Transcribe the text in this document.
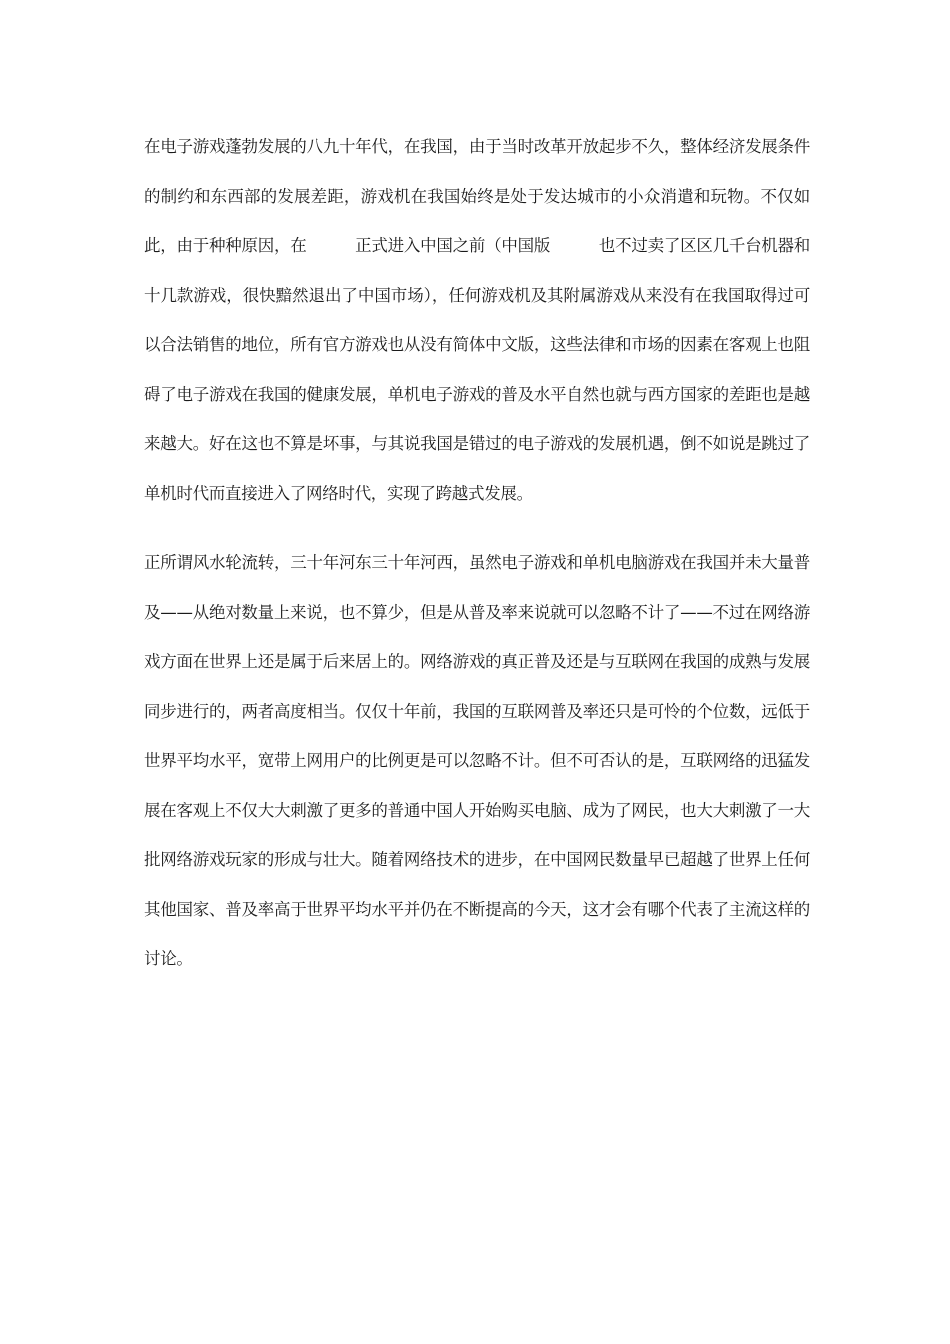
在电子游戏蓬勃发展的八九十年代，在我国，由于当时改革开放起步不久，整体经济发展条件的制约和东西部的发展差距，游戏机在我国始终是处于发达城市的小众消遣和玩物。不仅如此，由于种种原因，在　　　正式进入中国之前（中国版　　　也不过卖了区区几千台机器和十几款游戏，很快黯然退出了中国市场），任何游戏机及其附属游戏从来没有在我国取得过可以合法销售的地位，所有官方游戏也从没有简体中文版，这些法律和市场的因素在客观上也阻碍了电子游戏在我国的健康发展，单机电子游戏的普及水平自然也就与西方国家的差距也是越来越大。好在这也不算是坏事，与其说我国是错过的电子游戏的发展机遇，倒不如说是跳过了单机时代而直接进入了网络时代，实现了跨越式发展。

正所谓风水轮流转，三十年河东三十年河西，虽然电子游戏和单机电脑游戏在我国并未大量普及——从绝对数量上来说，也不算少，但是从普及率来说就可以忽略不计了——不过在网络游戏方面在世界上还是属于后来居上的。网络游戏的真正普及还是与互联网在我国的成熟与发展同步进行的，两者高度相当。仅仅十年前，我国的互联网普及率还只是可怜的个位数，远低于世界平均水平，宽带上网用户的比例更是可以忽略不计。但不可否认的是，互联网络的迅猛发展在客观上不仅大大刺激了更多的普通中国人开始购买电脑、成为了网民，也大大刺激了一大批网络游戏玩家的形成与壮大。随着网络技术的进步，在中国网民数量早已超越了世界上任何其他国家、普及率高于世界平均水平并仍在不断提高的今天，这才会有哪个代表了主流这样的讨论。
